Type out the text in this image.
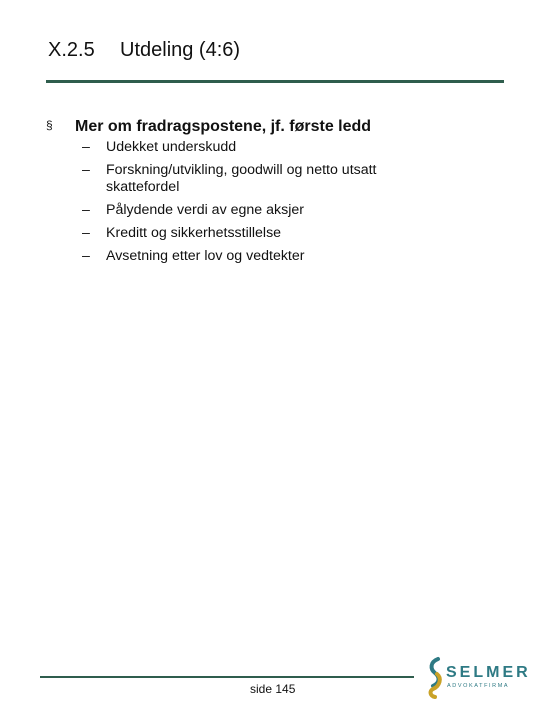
X.2.5 Utdeling (4:6)
§ Mer om fradragspostene, jf. første ledd
– Udekket underskudd
– Forskning/utvikling, goodwill og netto utsatt skattefordel
– Pålydende verdi av egne aksjer
– Kreditt og sikkerhetsstillelse
– Avsetning etter lov og vedtekter
side 145
SELMER
ADVOKATFIRMA
